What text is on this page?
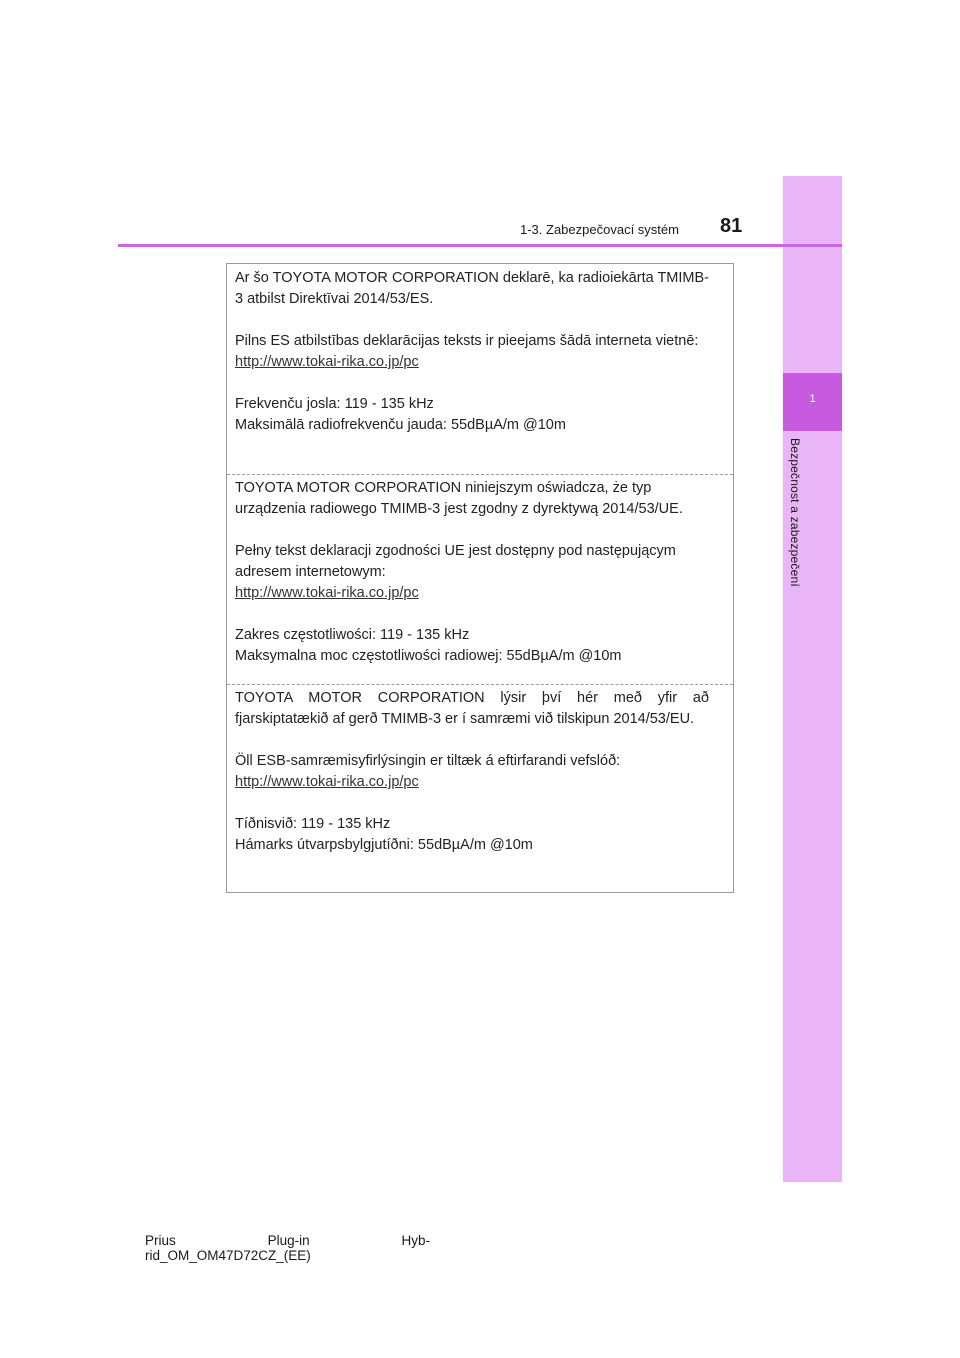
1
Bezpečnost a zabezpečení
1-3. Zabezpečovací systém 81

Ar šo TOYOTA MOTOR CORPORATION deklarē, ka radioiekārta TMIMB-3 atbilst Direktīvai 2014/53/ES.

Pilns ES atbilstības deklarācijas teksts ir pieejams šādā interneta vietnē:

http://www.tokai-rika.co.jp/pc

Frekvenču josla: 119 - 135 kHz

Maksimālā radiofrekvenču jauda: 55dBµA/m @10m

TOYOTA MOTOR CORPORATION niniejszym oświadcza, że typ urządzenia radiowego TMIMB-3 jest zgodny z dyrektywą 2014/53/UE.

Pełny tekst deklaracji zgodności UE jest dostępny pod następującym adresem internetowym:

http://www.tokai-rika.co.jp/pc

Zakres częstotliwości: 119 - 135 kHz

Maksymalna moc częstotliwości radiowej: 55dBµA/m @10m

TOYOTA MOTOR CORPORATION lýsir því hér með yfir að fjarskiptatækið af gerð TMIMB-3 er í samræmi við tilskipun 2014/53/EU.

Öll ESB-samræmisyfirlýsingin er tiltæk á eftirfarandi vefslóð:

http://www.tokai-rika.co.jp/pc

Tíðnisvið: 119 - 135 kHz

Hámarks útvarpsbylgjutíðni: 55dBµA/m @10m

Prius	Plug-in	Hyb-
rid_OM_OM47D72CZ_(EE)
